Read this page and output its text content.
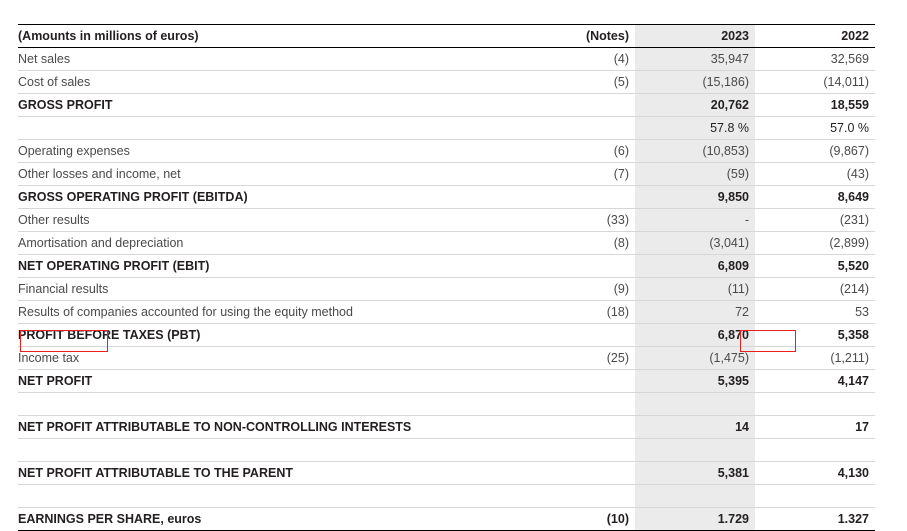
(Amounts in millions of euros)	(Notes)	2023	2022
Net sales	(4)	35,947	32,569
Cost of sales	(5)	(15,186)	(14,011)
GROSS PROFIT		20,762	18,559
		57.8 %	57.0 %
Operating expenses	(6)	(10,853)	(9,867)
Other losses and income, net	(7)	(59)	(43)
GROSS OPERATING PROFIT (EBITDA)		9,850	8,649
Other results	(33)	-	(231)
Amortisation and depreciation	(8)	(3,041)	(2,899)
NET OPERATING PROFIT (EBIT)		6,809	5,520
Financial results	(9)	(11)	(214)
Results of companies accounted for using the equity method	(18)	72	53
PROFIT BEFORE TAXES (PBT)		6,870	5,358
Income tax	(25)	(1,475)	(1,211)
NET PROFIT		5,395	4,147

NET PROFIT ATTRIBUTABLE TO NON-CONTROLLING INTERESTS		14	17

NET PROFIT ATTRIBUTABLE TO THE PARENT		5,381	4,130

EARNINGS PER SHARE, euros	(10)	1.729	1.327
